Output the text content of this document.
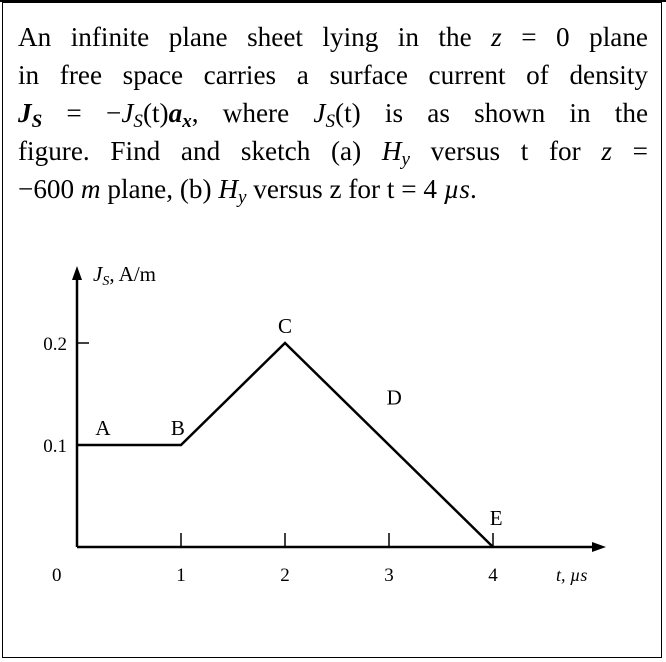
An infinite plane sheet lying in the z = 0 plane
in free space carries a surface current of density
$J_S = -J_S(t)a_x$, where $J_S(t)$ is as shown in the
figure. Find and sketch (a) $H_y$ versus t for z =
−600 m plane, (b) $H_y$ versus z for t = 4 µs.
JS, A/m
t, µs
0	1	2	3	4
0.1
0.2
A	B
C
D
E
